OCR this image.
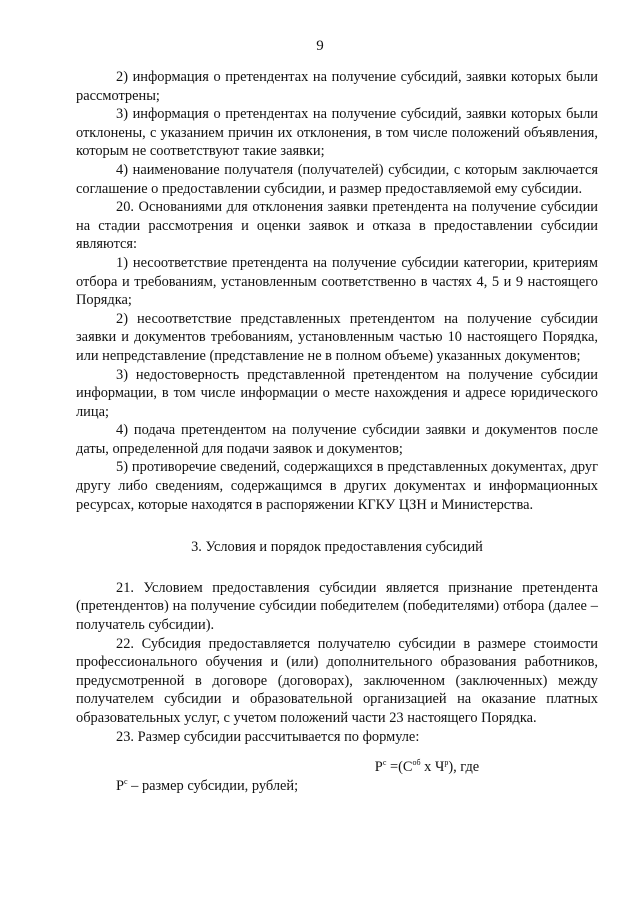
9

2) информация о претендентах на получение субсидий, заявки которых были рассмотрены;

3) информация о претендентах на получение субсидий, заявки которых были отклонены, с указанием причин их отклонения, в том числе положений объявления, которым не соответствуют такие заявки;

4) наименование получателя (получателей) субсидии, с которым заключается соглашение о предоставлении субсидии, и размер предоставляемой ему субсидии.

20. Основаниями для отклонения заявки претендента на получение субсидии на стадии рассмотрения и оценки заявок и отказа в предоставлении субсидии являются:

1) несоответствие претендента на получение субсидии категории, критериям отбора и требованиям, установленным соответственно в частях 4, 5 и 9 настоящего Порядка;

2) несоответствие представленных претендентом на получение субсидии заявки и документов требованиям, установленным частью 10 настоящего Порядка, или непредставление (представление не в полном объеме) указанных документов;

3) недостоверность представленной претендентом на получение субсидии информации, в том числе информации о месте нахождения и адресе юридического лица;

4) подача претендентом на получение субсидии заявки и документов после даты, определенной для подачи заявок и документов;

5) противоречие сведений, содержащихся в представленных документах, друг другу либо сведениям, содержащимся в других документах и информационных ресурсах, которые находятся в распоряжении КГКУ ЦЗН и Министерства.

3. Условия и порядок предоставления субсидий

21. Условием предоставления субсидии является признание претендента (претендентов) на получение субсидии победителем (победителями) отбора (далее – получатель субсидии).

22. Субсидия предоставляется получателю субсидии в размере стоимости профессионального обучения и (или) дополнительного образования работников, предусмотренной в договоре (договорах), заключенном (заключенных) между получателем субсидии и образовательной организацией на оказание платных образовательных услуг, с учетом положений части 23 настоящего Порядка.

23. Размер субсидии рассчитывается по формуле:

$Р^с =(С^{об}$ х $Ч^р$), где

$Р^с$ – размер субсидии, рублей;
